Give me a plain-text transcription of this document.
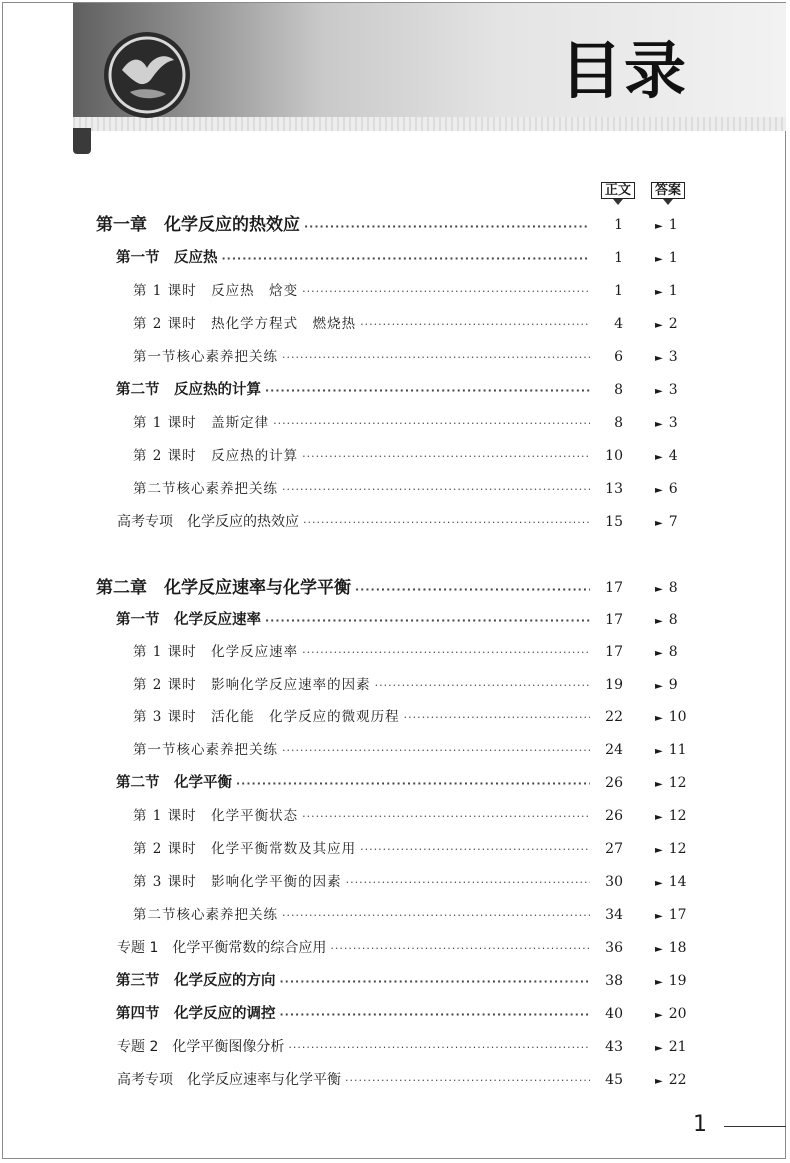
目录
正文	答案
第一章　化学反应的热效应 ·····	1	► 1
第一节　反应热 ·····	1	► 1
第 1 课时　反应热　焓变 ·····	1	► 1
第 2 课时　热化学方程式　燃烧热 ·····	4	► 2
第一节核心素养把关练 ·····	6	► 3
第二节　反应热的计算 ·····	8	► 3
第 1 课时　盖斯定律 ·····	8	► 3
第 2 课时　反应热的计算 ·····	10	► 4
第二节核心素养把关练 ·····	13	► 6
高考专项　化学反应的热效应 ·····	15	► 7
第二章　化学反应速率与化学平衡 ·····	17	► 8
第一节　化学反应速率 ·····	17	► 8
第 1 课时　化学反应速率 ·····	17	► 8
第 2 课时　影响化学反应速率的因素 ·····	19	► 9
第 3 课时　活化能　化学反应的微观历程 ·····	22	► 10
第一节核心素养把关练 ·····	24	► 11
第二节　化学平衡 ·····	26	► 12
第 1 课时　化学平衡状态 ·····	26	► 12
第 2 课时　化学平衡常数及其应用 ·····	27	► 12
第 3 课时　影响化学平衡的因素 ·····	30	► 14
第二节核心素养把关练 ·····	34	► 17
专题 1　化学平衡常数的综合应用 ·····	36	► 18
第三节　化学反应的方向 ·····	38	► 19
第四节　化学反应的调控 ·····	40	► 20
专题 2　化学平衡图像分析 ·····	43	► 21
高考专项　化学反应速率与化学平衡 ·····	45	► 22
1
